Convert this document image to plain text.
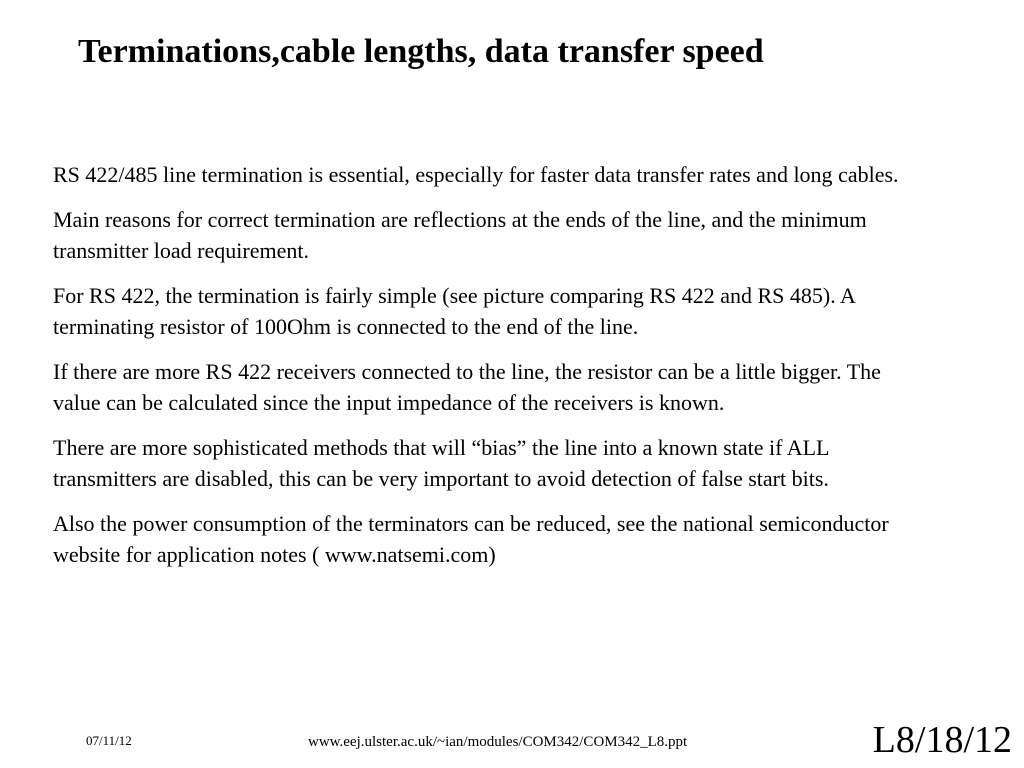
Terminations,cable lengths, data transfer speed

RS 422/485 line termination is essential, especially for faster data transfer rates and long cables.

Main reasons for correct termination are reflections at the ends of the line, and the minimum transmitter load requirement.

For RS 422, the termination is fairly simple (see picture comparing RS 422 and RS 485). A terminating resistor of 100Ohm is connected to the end of the line.

If there are more RS 422 receivers connected to the line, the resistor can be a little bigger. The value can be calculated since the input impedance of the receivers is known.

There are more sophisticated methods that will “bias” the line into a known state if ALL transmitters are disabled, this can be very important to avoid detection of false start bits.

Also the power consumption of the terminators can be reduced, see the national semiconductor website for application notes ( www.natsemi.com)

07/11/12	www.eej.ulster.ac.uk/~ian/modules/COM342/COM342_L8.ppt	L8/18/12
